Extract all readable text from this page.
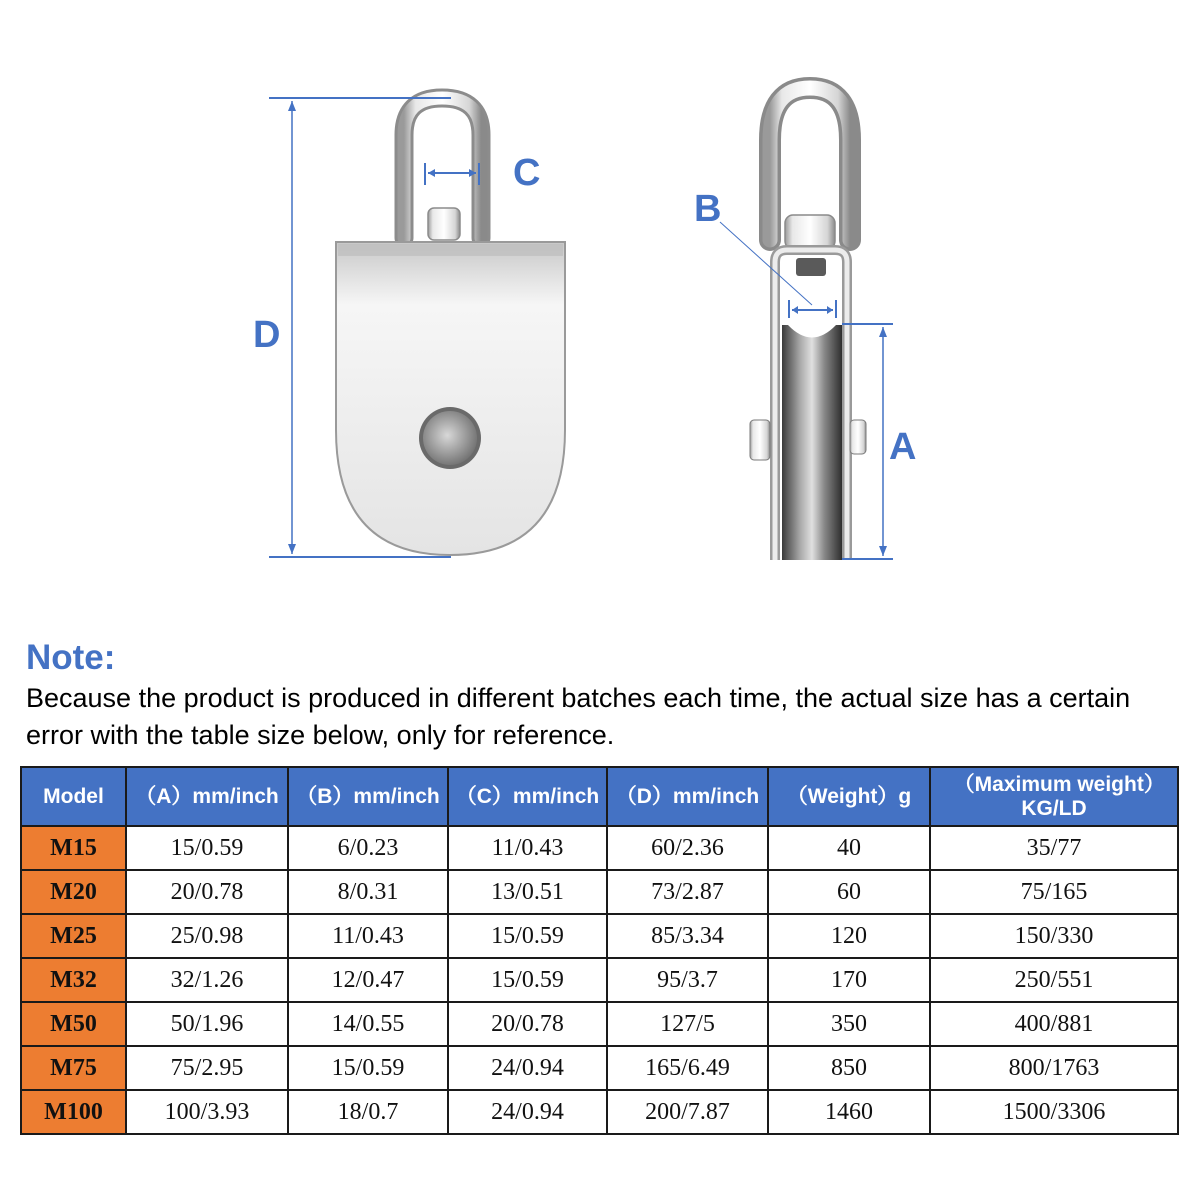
C
D
B
A
Note:
Because the product is produced in different batches each time, the actual size has a certain error with the table size below, only for reference.
Model	（A）mm/inch	（B）mm/inch	（C）mm/inch	（D）mm/inch	（Weight）g	（Maximum weight）KG/LD
M15	15/0.59	6/0.23	11/0.43	60/2.36	40	35/77
M20	20/0.78	8/0.31	13/0.51	73/2.87	60	75/165
M25	25/0.98	11/0.43	15/0.59	85/3.34	120	150/330
M32	32/1.26	12/0.47	15/0.59	95/3.7	170	250/551
M50	50/1.96	14/0.55	20/0.78	127/5	350	400/881
M75	75/2.95	15/0.59	24/0.94	165/6.49	850	800/1763
M100	100/3.93	18/0.7	24/0.94	200/7.87	1460	1500/3306
